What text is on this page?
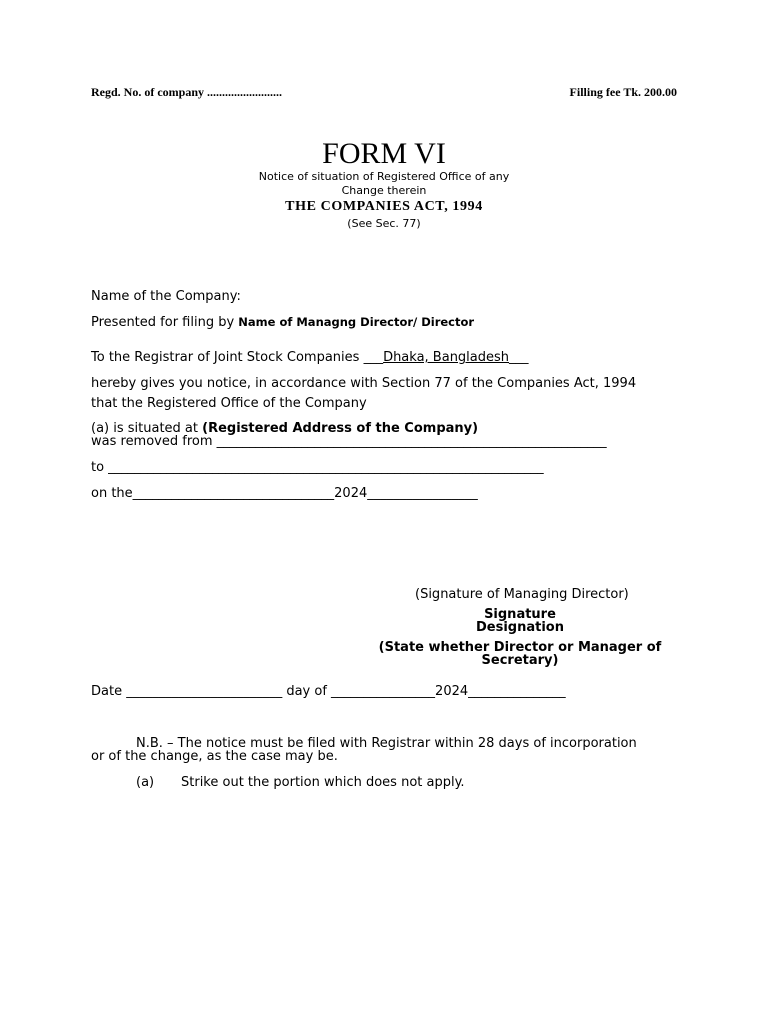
Regd. No. of company .........................	Filling fee Tk. 200.00
FORM VI
Notice of situation of Registered Office of any
Change therein
THE COMPANIES ACT, 1994
(See Sec. 77)
Name of the Company:
Presented for filing by Name of Managng Director/ Director
To the Registrar of Joint Stock Companies ___Dhaka, Bangladesh___
hereby gives you notice, in accordance with Section 77 of the Companies Act, 1994
that the Registered Office of the Company
(a) is situated at (Registered Address of the Company)
was removed from ____________________________________________________________
to ___________________________________________________________________
on the_______________________________2024_________________
(Signature of Managing Director)
Signature
Designation
(State whether Director or Manager of
Secretary)
Date ________________________ day of ________________2024_______________
N.B. – The notice must be filed with Registrar within 28 days of incorporation
or of the change, as the case may be.
(a) Strike out the portion which does not apply.
